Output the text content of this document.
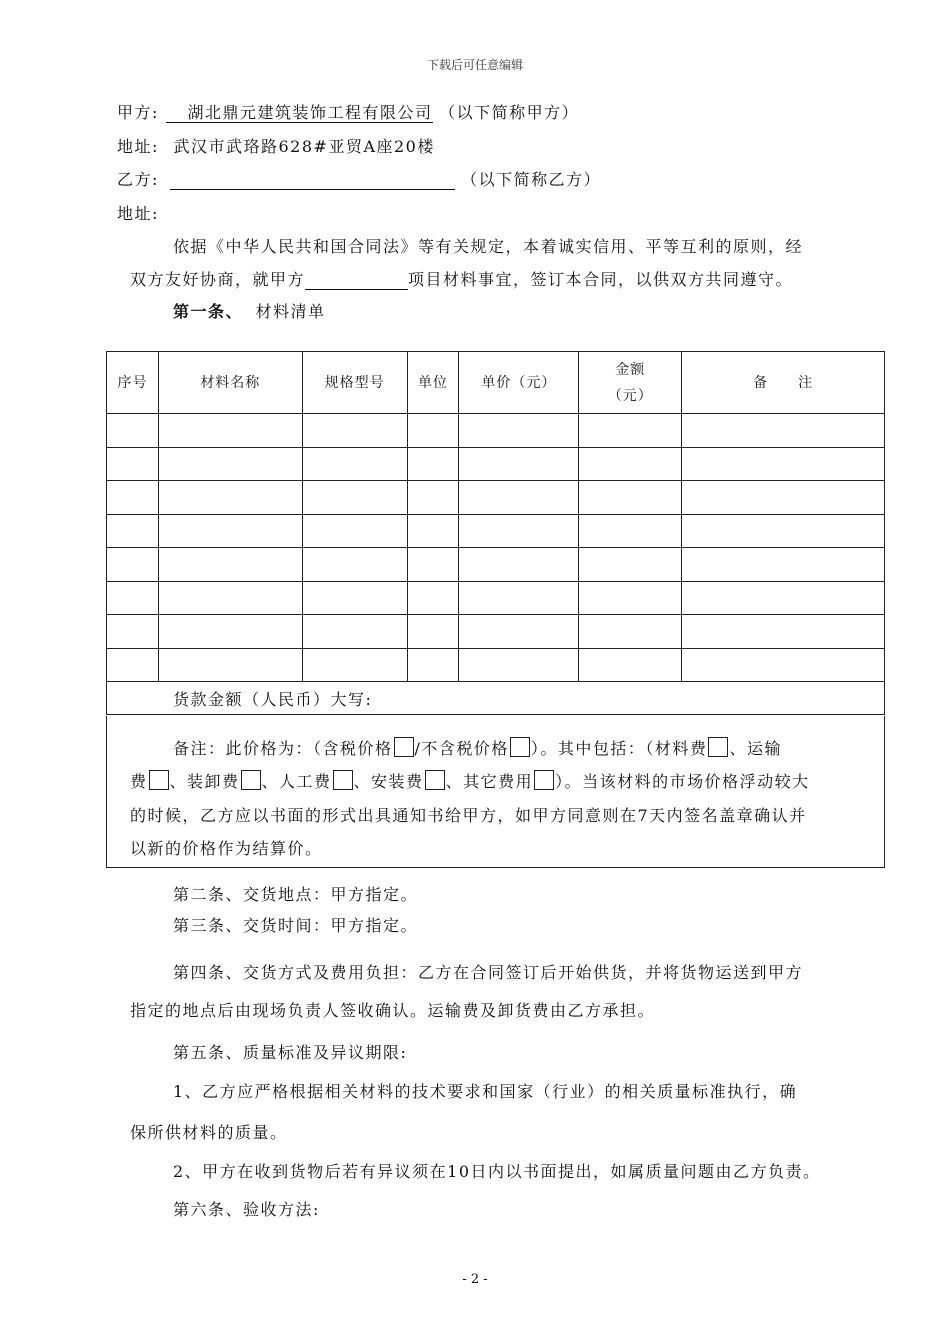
下载后可任意编辑
甲方: 湖北鼎元建筑装饰工程有限公司 （以下简称甲方）
地址: 武汉市武珞路628#亚贸A座20楼
乙方:	（以下简称乙方）
地址:
依据《中华人民共和国合同法》等有关规定，本着诚实信用、平等互利的原则，经
双方友好协商，就甲方	项目材料事宜，签订本合同，以供双方共同遵守。
第一条、 材料清单
序号	材料名称	规格型号	单位	单价（元）	金额
（元）	备　　注

货款金额（人民币）大写:						
备注：此价格为：（含税价格 /不含税价格 ）。其中包括：（材料费 、运输
费 、装卸费 、人工费 、安装费 、其它费用 ）。当该材料的市场价格浮动较大
的时候，乙方应以书面的形式出具通知书给甲方，如甲方同意则在7天内签名盖章确认并
以新的价格作为结算价。
第二条、交货地点：甲方指定。
第三条、交货时间：甲方指定。
第四条、交货方式及费用负担：乙方在合同签订后开始供货，并将货物运送到甲方
指定的地点后由现场负责人签收确认。运输费及卸货费由乙方承担。
第五条、质量标准及异议期限:
1、乙方应严格根据相关材料的技术要求和国家（行业）的相关质量标准执行，确
保所供材料的质量。
2、甲方在收到货物后若有异议须在10日内以书面提出，如属质量问题由乙方负责。
第六条、验收方法:
- 2 -
